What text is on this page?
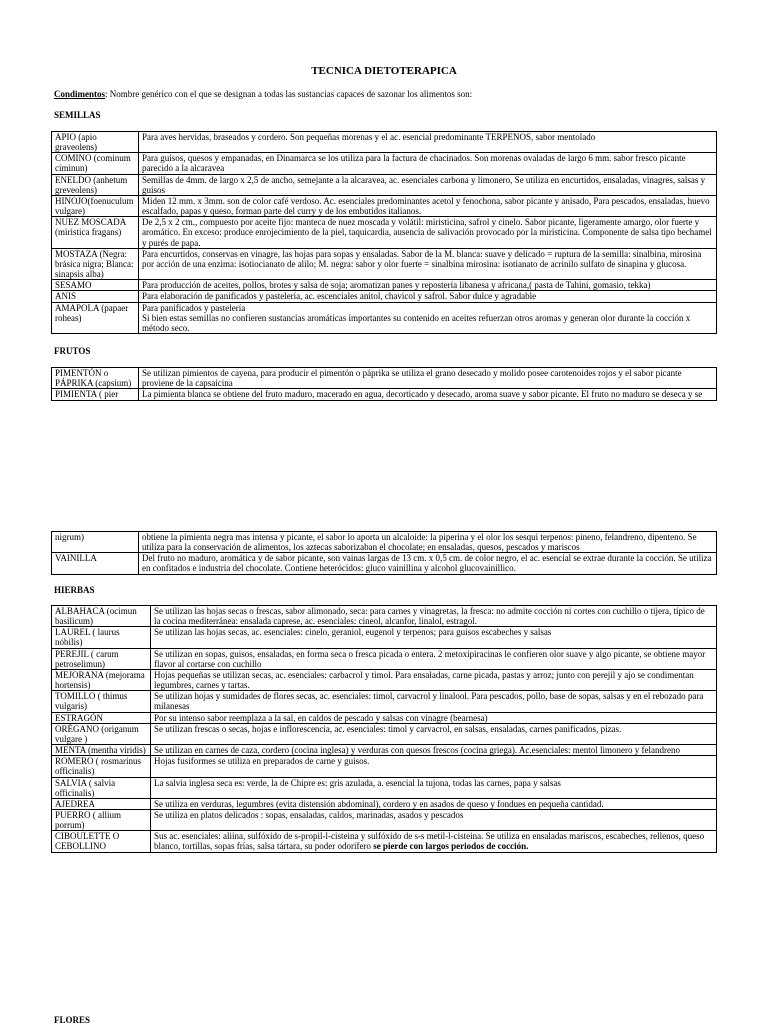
TECNICA DIETOTERAPICA
Condimentos: Nombre genérico con el que se designan a todas las sustancias capaces de sazonar los alimentos son:
SEMILLAS
APIO (apio graveolens)	Para aves hervidas, braseados y cordero. Son pequeñas morenas y el ac. esencial predominante TERPENOS, sabor mentolado
COMINO (cominum ciminun)	Para guisos, quesos y empanadas, en Dinamarca se los utiliza para la factura de chacinados. Son morenas ovaladas de largo 6 mm. sabor fresco picante parecido a la alcaravea
ENELDO (anhetum greveolens)	Semillas de 4mm. de largo x 2,5 de ancho, semejante a la alcaravea, ac. esenciales carbona y limonero, Se utiliza en encurtidos, ensaladas, vinagres, salsas y guisos
HINOJO(foenuculum vulgare)	Miden 12 mm. x 3mm. son de color café verdoso. Ac. esenciales predominantes acetol y fenochona, sabor picante y anisado, Para pescados, ensaladas, huevo escalfado, papas y queso, forman parte del curry y de los embutidos italianos.
NUEZ MOSCADA (miristica fragans)	De 2,5 x 2 cm., compuesto por aceite fijo: manteca de nuez moscada y volátil: miristicina, safrol y cinelo. Sabor picante, ligeramente amargo, olor fuerte y aromático. En exceso: produce enrojecimiento de la piel, taquicardia, ausencia de salivación provocado por la miristicina. Componente de salsa tipo bechamel y purés de papa.
MOSTAZA (Negra: brásica nigra; Blanca: sinapsis alba)	Para encurtidos, conservas en vinagre, las hojas para sopas y ensaladas. Sabor de la M. blanca: suave y delicado = ruptura de la semilla: sinalbina, mirosina por acción de una enzima: isotiocianato de alilo; M. negra: sabor y olor fuerte = sinalbina mirosina: isotianato de acrinilo sulfato de sinapina y glucosa.
SESAMO	Para producción de aceites, pollos, brotes y salsa de soja; aromatizan panes y repostería libanesa y africana,( pasta de Tahini, gomasio, tekka)
ANIS	Para elaboración de panificados y pastelería, ac. escenciales anitol, chavicol y safrol. Sabor dulce y agradable
AMAPOLA (papaer roheas)	Para panificados y pastelería
Si bien estas semillas no confieren sustancias aromáticas importantes su contenido en aceites refuerzan otros aromas y generan olor durante la cocción x método seco.
FRUTOS
PIMENTÓN o PÁPRIKA (capsium)	Se utilizan pimientos de cayena, para producir el pimentón o páprika se utiliza el grano desecado y molido posee carotenoides rojos y el sabor picante proviene de la capsaicina
PIMIENTA ( pier	La pimienta blanca se obtiene del fruto maduro, macerado en agua, decorticado y desecado, aroma suave y sabor picante. El fruto no maduro se deseca y se
nigrum)	obtiene la pimienta negra mas intensa y picante, el sabor lo aporta un alcaloide: la piperina y el olor los sesqui terpenos: pineno, felandreno, dipenteno. Se utiliza para la conservación de alimentos, los aztecas saborizaban el chocolate; en ensaladas, quesos, pescados y mariscos
VAINILLA	Del fruto no maduro, aromática y de sabor picante, son vainas largas de 13 cm. x 0,5 cm. de color negro, el ac. esencial se extrae durante la cocción. Se utiliza en confitados e industria del chocolate. Contiene heterócidos: gluco vainillina y alcohol glucovainillico.
HIERBAS
ALBAHACA (ocimun basilicum)	Se utilizan las hojas secas o frescas, sabor alimonado, seca: para carnes y vinagretas, la fresca: no admite cocción ni cortes con cuchillo o tijera, típico de la cocina mediterránea: ensalada caprese, ac. esenciales: cineol, alcanfor, linalol, estragol.
LAUREL ( laurus nóbilis)	Se utilizan las hojas secas, ac. esenciales: cinelo, geraniol, eugenol y terpenos; para guisos escabeches y salsas
PEREJIL ( carum petroselimun)	Se utilizan en sopas, guisos, ensaladas, en forma seca o fresca picada o entera. 2 metoxipiracinas le confieren olor suave y algo picante, se obtiene mayor flavor al cortarse con cuchillo
MEJORANA (mejorama hortensis)	Hojas pequeñas se utilizan secas, ac. esenciales: carbacrol y timol. Para ensaladas, carne picada, pastas y arroz; junto con perejil y ajo se condimentan legumbres, carnes y tartas.
TOMILLO ( thimus vulgaris)	Se utilizan hojas y sumidades de flores secas, ac. esenciales: timol, carvacrol y linalool. Para pescados, pollo, base de sopas, salsas y en el rebozado para milanesas
ESTRAGÓN	Por su intenso sabor reemplaza a la sal, en caldos de pescado y salsas con vinagre (bearnesa)
ORÉGANO (origanum vulgare )	Se utilizan frescas o secas, hojas e inflorescencia, ac. esenciales: timol y carvacrol, en salsas, ensaladas, carnes panificados, pizas.
MENTA (mentha viridis)	Se utilizan en carnes de caza, cordero (cocina inglesa) y verduras con quesos frescos (cocina griega). Ac.esenciales: mentol limonero y felandreno
ROMERO ( rosmarinus officinalis)	Hojas fusiformes se utiliza en preparados de carne y guisos.
SALVIA ( salvia officinalis)	La salvia inglesa seca es: verde, la de Chipre es: gris azulada, a. esencial la tujona, todas las carnes, papa y salsas
AJEDREA	Se utiliza en verduras, legumbres (evita distensión abdominal), cordero y en asados de queso y fondues en pequeña cantidad.
PUERRO ( allium porrum)	Se utiliza en platos delicados : sopas, ensaladas, caldos, marinadas, asados y pescados
CIBOULETTE O CEBOLLINO	Sus ac. esenciales: aliina, sulfóxido de s-propil-l-cisteina y sulfóxido de s-s metil-l-cisteina. Se utiliza en ensaladas mariscos, escabeches, rellenos, queso blanco, tortillas, sopas frías, salsa tártara, su poder odorífero se pierde con largos periodos de cocción.
FLORES
